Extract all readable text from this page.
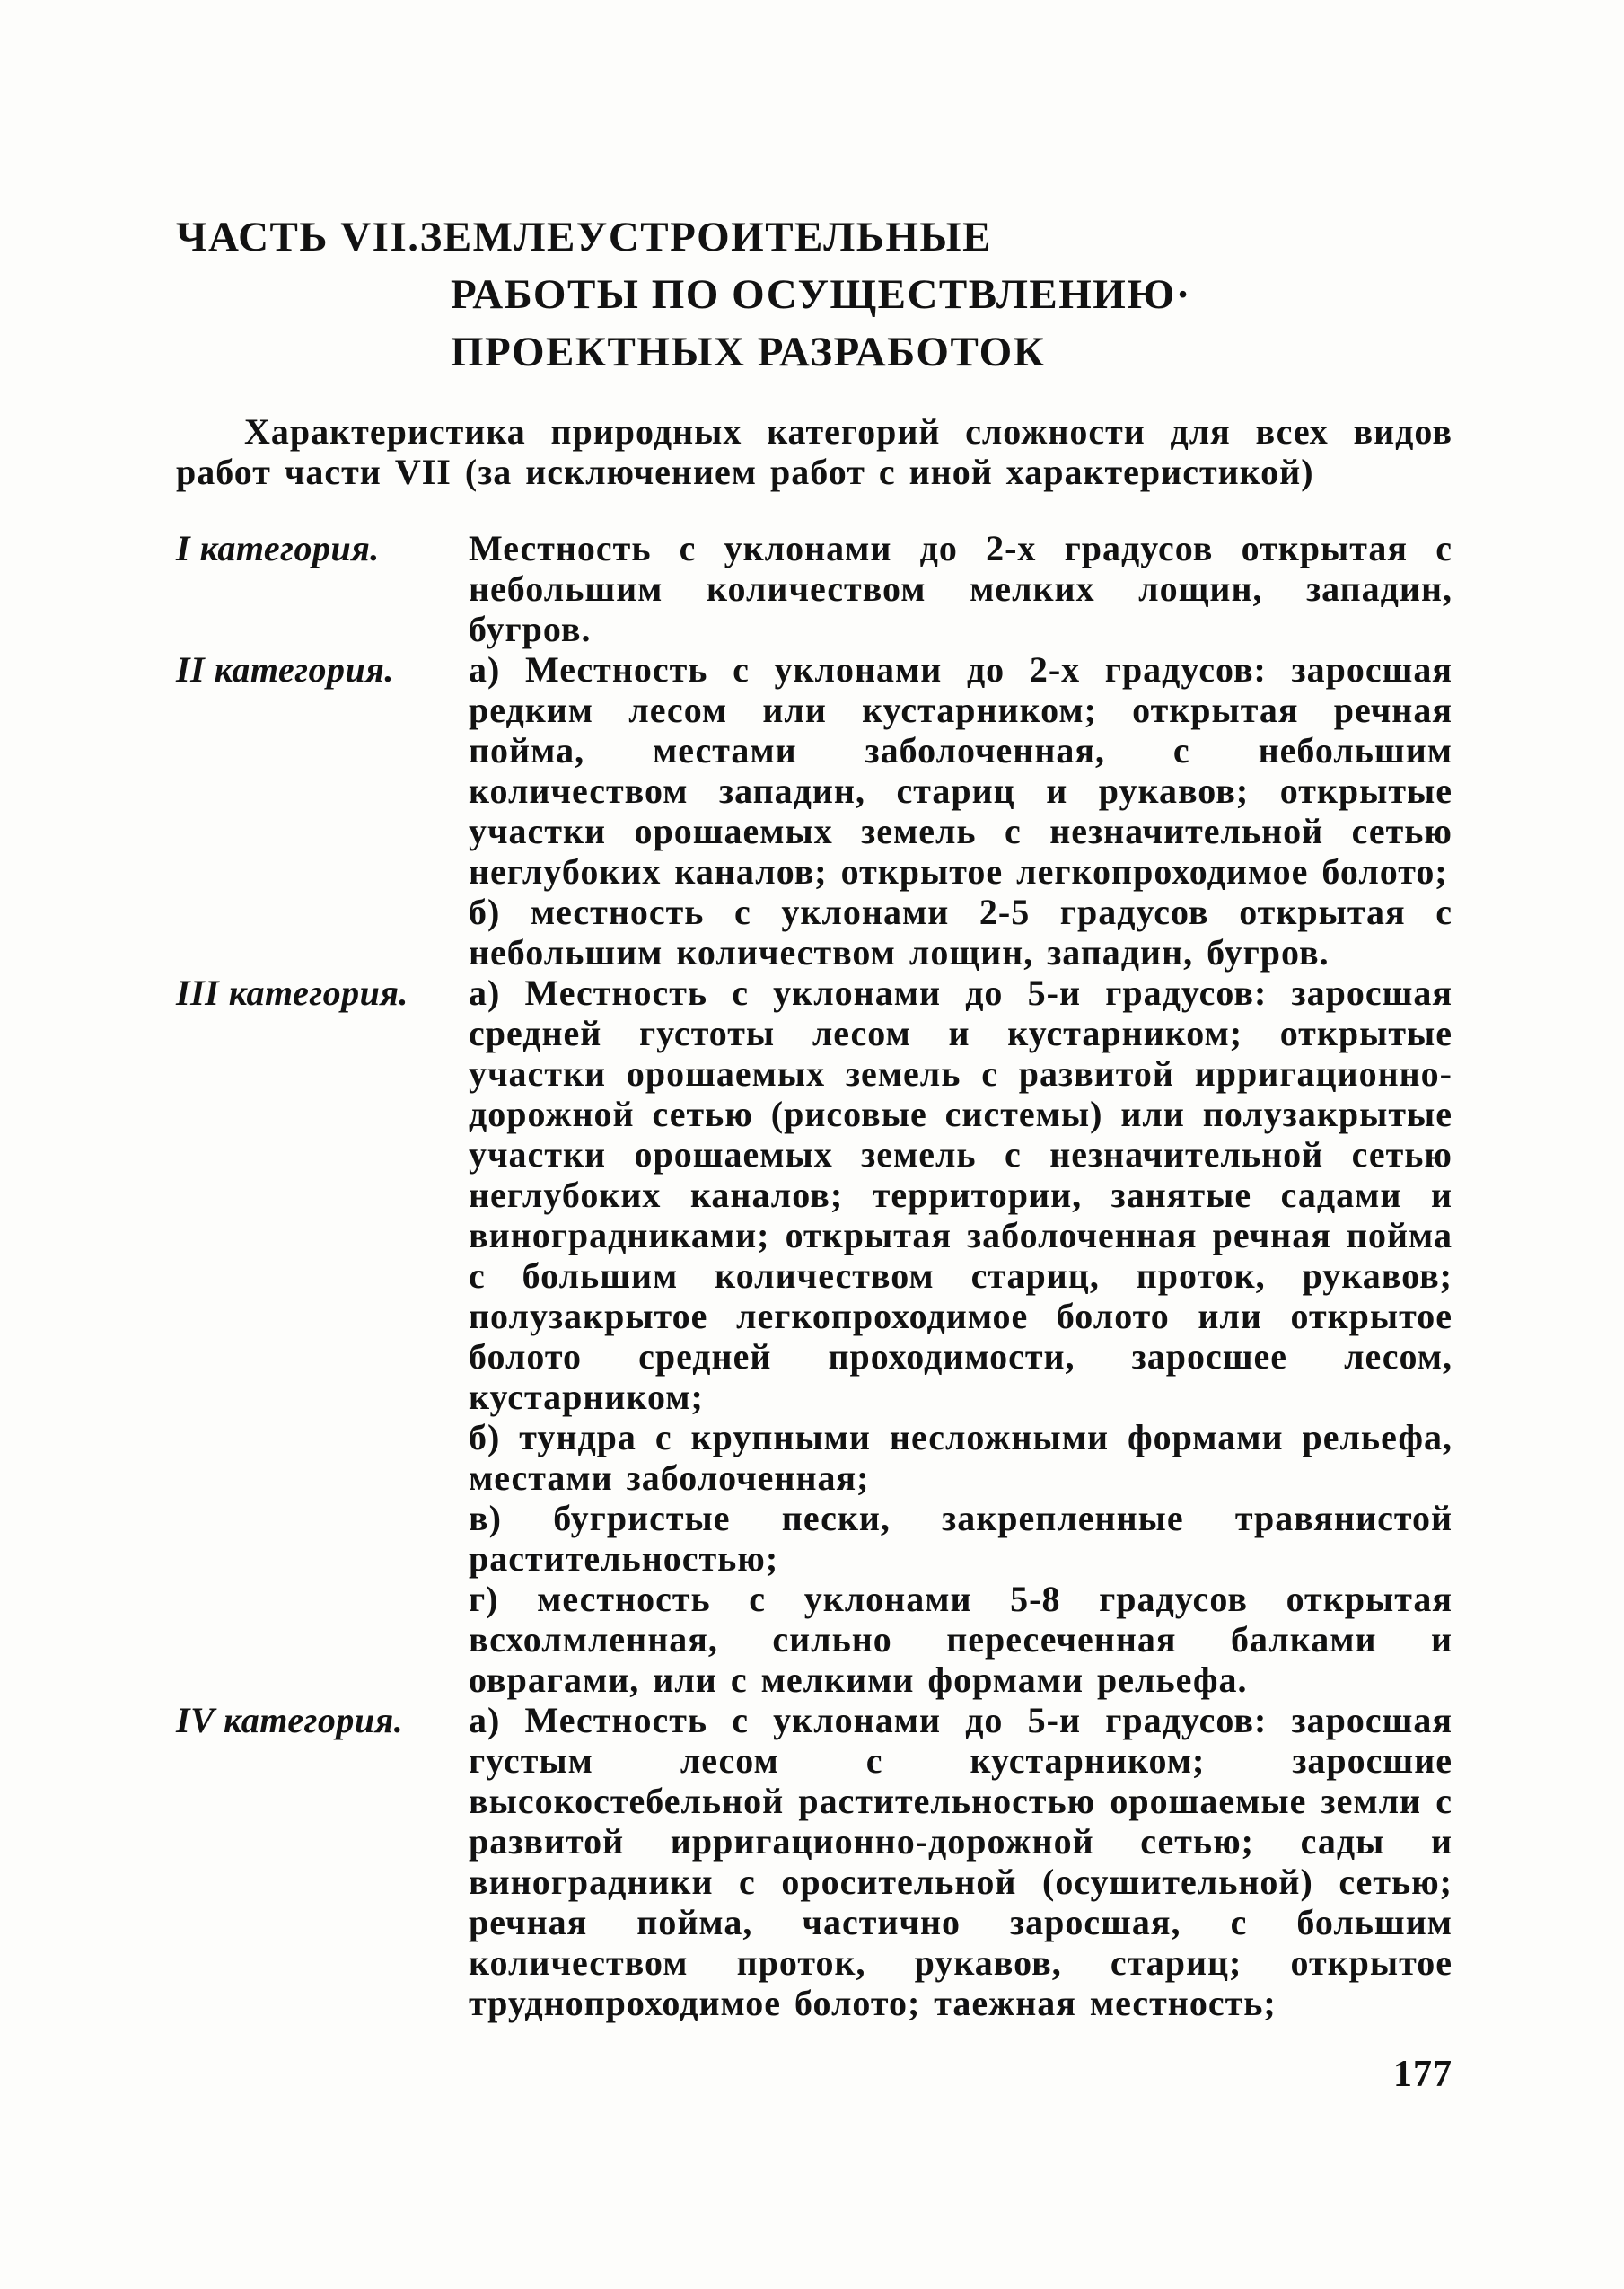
ЧАСТЬ VII.ЗЕМЛЕУСТРОИТЕЛЬНЫЕ
РАБОТЫ ПО ОСУЩЕСТВЛЕНИЮ·
ПРОЕКТНЫХ РАЗРАБОТОК

Характеристика природных категорий сложности для всех видов работ части VII (за исключением работ с иной характеристикой)

I категория.	Местность с уклонами до 2-х градусов открытая с небольшим количеством мелких лощин, западин, бугров.

II категория.	а) Местность с уклонами до 2-х градусов: заросшая редким лесом или кустарником; открытая речная пойма, местами заболоченная, с небольшим количеством западин, стариц и рукавов; открытые участки орошаемых земель с незначительной сетью неглубоких каналов; открытое легкопроходимое болото;

б) местность с уклонами 2-5 градусов открытая с небольшим количеством лощин, западин, бугров.

III категория.	а) Местность с уклонами до 5-и градусов: заросшая средней густоты лесом и кустарником; открытые участки орошаемых земель с развитой ирригационно-дорожной сетью (рисовые системы) или полузакрытые участки орошаемых земель с незначительной сетью неглубоких каналов; территории, занятые садами и виноградниками; открытая заболоченная речная пойма с большим количеством стариц, проток, рукавов; полузакрытое легкопроходимое болото или открытое болото средней проходимости, заросшее лесом, кустарником;

б) тундра с крупными несложными формами рельефа, местами заболоченная;

в) бугристые пески, закрепленные травянистой растительностью;

г) местность с уклонами 5-8 градусов открытая всхолмленная, сильно пересеченная балками и оврагами, или с мелкими формами рельефа.

IV категория.	а) Местность с уклонами до 5-и градусов: заросшая густым лесом с кустарником; заросшие высокостебельной растительностью орошаемые земли с развитой ирригационно-дорожной сетью; сады и виноградники с оросительной (осушительной) сетью; речная пойма, частично заросшая, с большим количеством проток, рукавов, стариц; открытое труднопроходимое болото; таежная местность;

177
